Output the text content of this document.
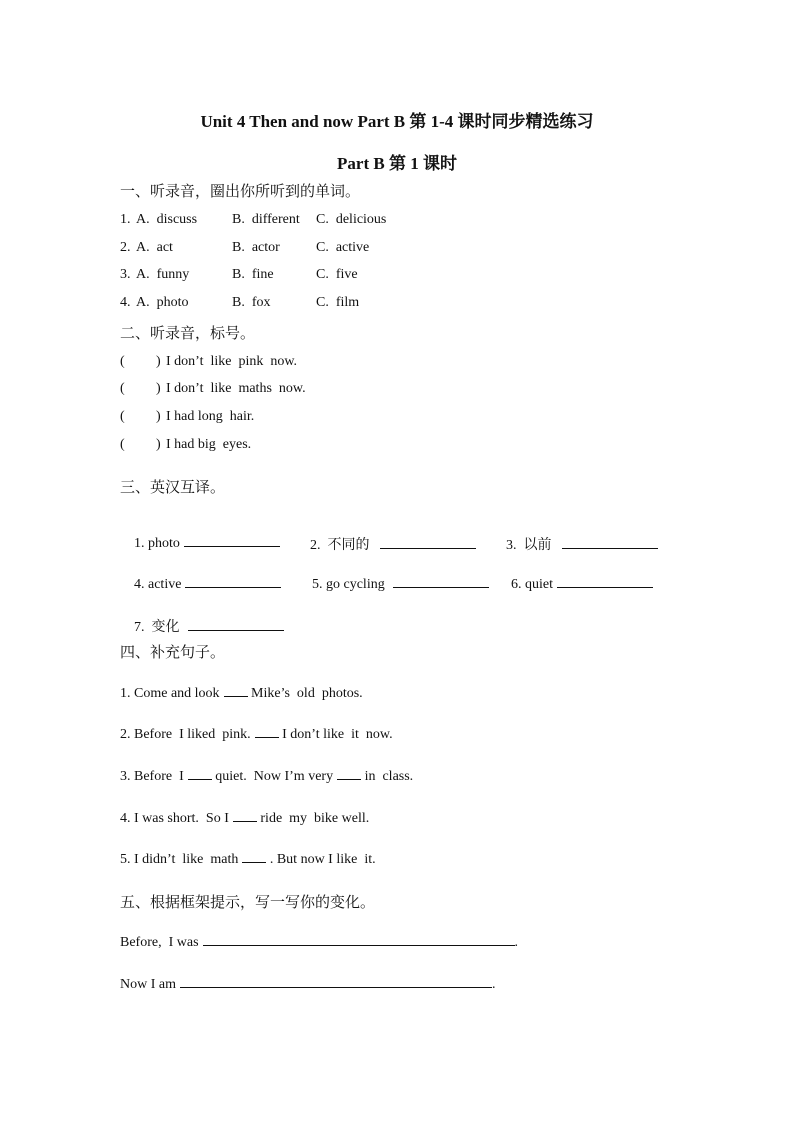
Unit 4 Then and now Part B 第 1-4 课时同步精选练习
Part B 第 1 课时
一、听录音，圈出你所听到的单词。
1. A.  discuss B.  different C.  delicious
2. A.  act	B.  actor	C.  active
3. A.  funny	B.  fine	C.  five
4. A.  photo	B.  fox	C.  film
二、听录音，标号。
( ) I don’t  like  pink  now.
( ) I don’t  like  maths  now.
( ) I had long  hair.
( ) I had big  eyes.
三、英汉互译。

1. photo
	2.  不同的
	3.  以前

4. active
	5. go cycling
	6. quiet

7.  变化

四、补充句子。
1. Come and look Mike’s  old  photos.
2. Before  I liked  pink. I don’t like  it  now.
3. Before  I quiet.  Now I’m very in  class.
4. I was short.  So I ride  my  bike well.
5. I didn’t  like  math . But now I like  it.
五、根据框架提示，写一写你的变化。
Before,  I was	.
Now I am	.
